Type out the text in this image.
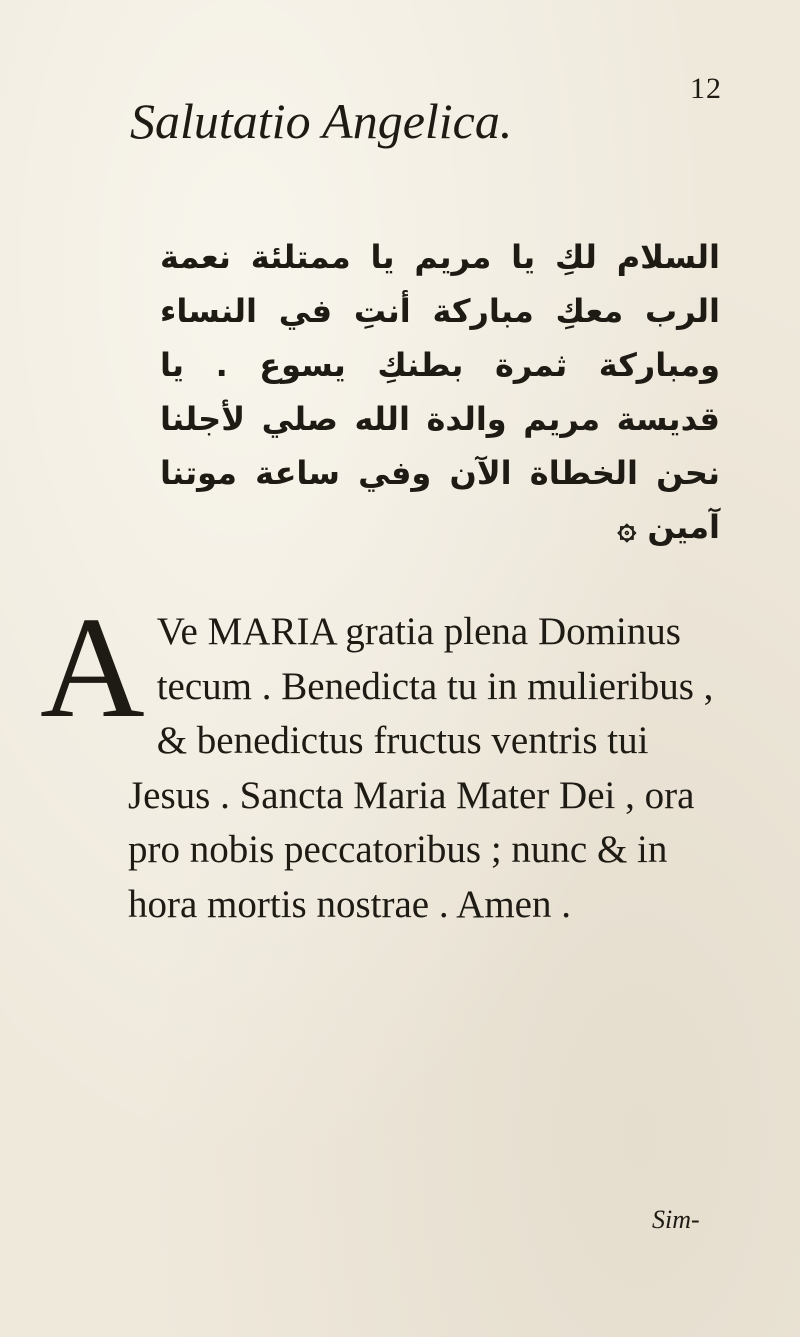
12
Salutatio Angelica.
السلام لكِ يا مريم يا ممتلئة نعمة الرب معكِ مباركة أنتِ في النساء ومباركة ثمرة بطنكِ يسوع . يا قديسة مريم والدة الله صلي لأجلنا نحن الخطاة الآن وفي ساعة موتنا آمين ۞
A Ve MARIA gratia plena Dominus tecum . Benedicta tu in mulieribus , & benedictus fructus ventris tui Jesus . Sancta Maria Mater Dei , ora pro nobis peccatoribus ; nunc & in hora mortis nostrae . Amen .

Sim-
